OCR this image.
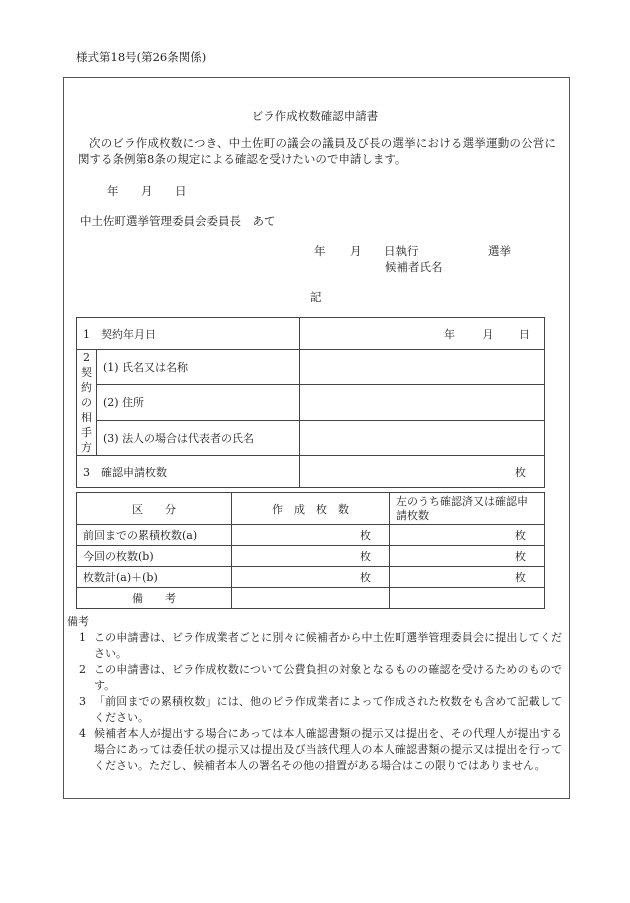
様式第18号(第26条関係)
ビラ作成枚数確認申請書
次のビラ作成枚数につき、中土佐町の議会の議員及び長の選挙における選挙運動の公営に関する条例第8条の規定による確認を受けたいので申請します。
年 月 日
中土佐町選挙管理委員会委員長　あて
年 月 日執行	選挙
候補者氏名
記
1　契約年月日		年 月 日

2契約の相手方	(1) 氏名又は名称	
	(2) 住所	
	(3) 法人の場合は代表者の氏名	
3　確認申請枚数		枚
区　　分	作　成　枚　数	左のうち確認済又は確認申請枚数
前回までの累積枚数(a)	枚	枚
今回の枚数(b)	枚	枚
枚数計(a)＋(b)	枚	枚
備　　考		
備考
1 この申請書は、ビラ作成業者ごとに別々に候補者から中土佐町選挙管理委員会に提出してください。
2 この申請書は、ビラ作成枚数について公費負担の対象となるものの確認を受けるためのものです。
3 「前回までの累積枚数」には、他のビラ作成業者によって作成された枚数をも含めて記載してください。
4 候補者本人が提出する場合にあっては本人確認書類の提示又は提出を、その代理人が提出する場合にあっては委任状の提示又は提出及び当該代理人の本人確認書類の提示又は提出を行ってください。ただし、候補者本人の署名その他の措置がある場合はこの限りではありません。
